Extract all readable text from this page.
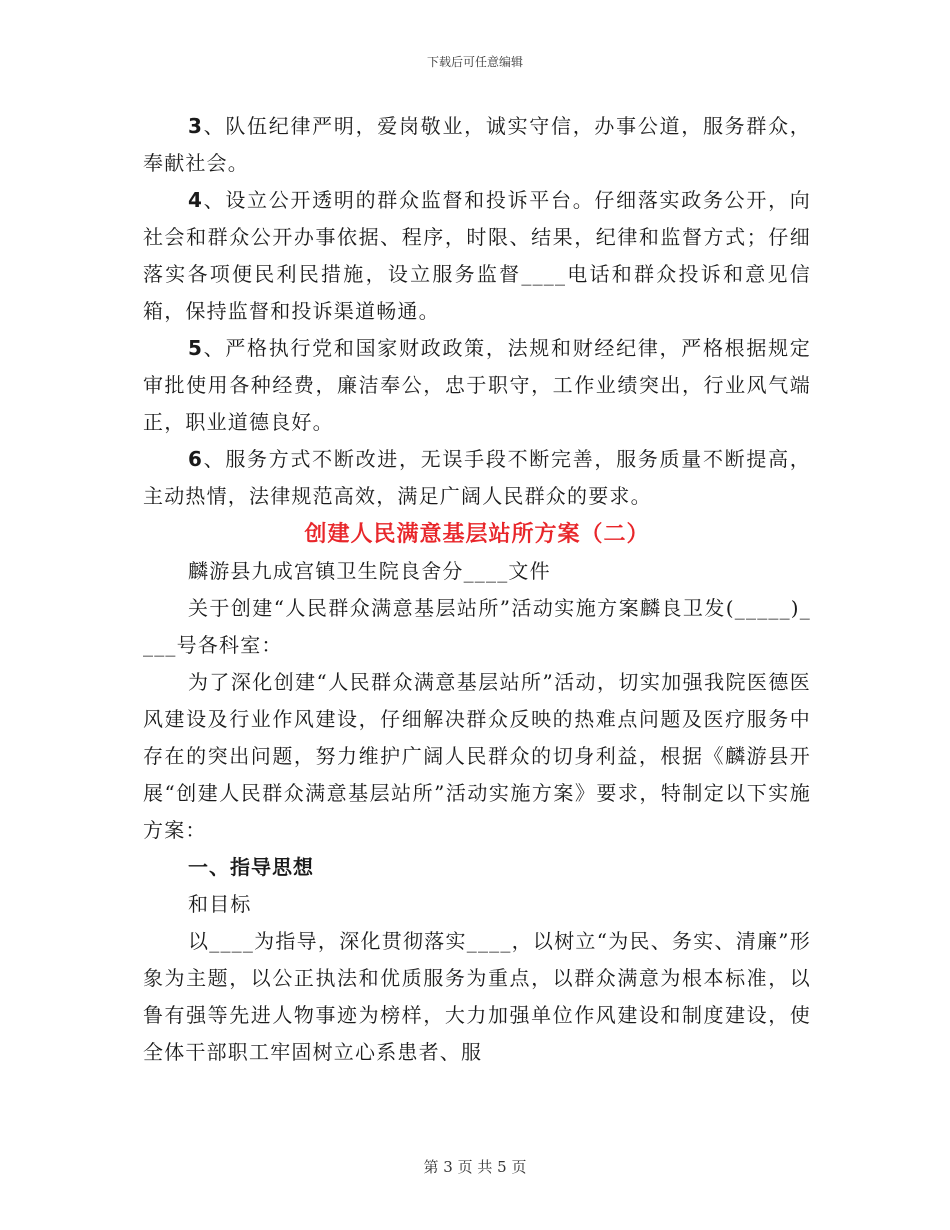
下载后可任意编辑

3、队伍纪律严明，爱岗敬业，诚实守信，办事公道，服务群众，奉献社会。

4、设立公开透明的群众监督和投诉平台。仔细落实政务公开，向社会和群众公开办事依据、程序，时限、结果，纪律和监督方式；仔细落实各项便民利民措施，设立服务监督____电话和群众投诉和意见信箱，保持监督和投诉渠道畅通。

5、严格执行党和国家财政政策，法规和财经纪律，严格根据规定审批使用各种经费，廉洁奉公，忠于职守，工作业绩突出，行业风气端正，职业道德良好。

6、服务方式不断改进，无误手段不断完善，服务质量不断提高，主动热情，法律规范高效，满足广阔人民群众的要求。

创建人民满意基层站所方案（二）

麟游县九成宫镇卫生院良舍分____文件

关于创建“人民群众满意基层站所”活动实施方案麟良卫发(_____)____号各科室：

为了深化创建“人民群众满意基层站所”活动，切实加强我院医德医风建设及行业作风建设，仔细解决群众反映的热难点问题及医疗服务中存在的突出问题，努力维护广阔人民群众的切身利益，根据《麟游县开展“创建人民群众满意基层站所”活动实施方案》要求，特制定以下实施方案：

一、指导思想

和目标

以____为指导，深化贯彻落实____，以树立“为民、务实、清廉”形象为主题，以公正执法和优质服务为重点，以群众满意为根本标准，以鲁有强等先进人物事迹为榜样，大力加强单位作风建设和制度建设，使全体干部职工牢固树立心系患者、服

第 3 页 共 5 页
